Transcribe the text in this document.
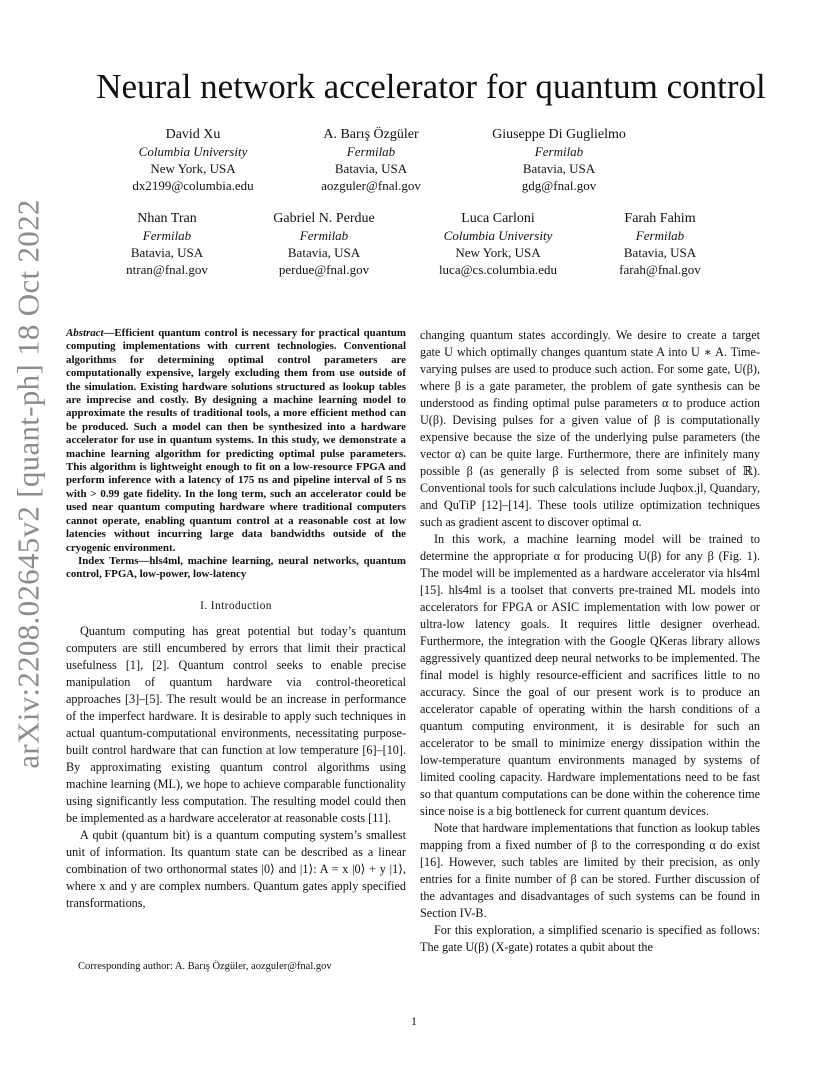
arXiv:2208.02645v2 [quant-ph] 18 Oct 2022
Neural network accelerator for quantum control
David Xu
Columbia University
New York, USA
dx2199@columbia.edu
A. Barış Özgüler
Fermilab
Batavia, USA
aozguler@fnal.gov
Giuseppe Di Guglielmo
Fermilab
Batavia, USA
gdg@fnal.gov
Nhan Tran
Fermilab
Batavia, USA
ntran@fnal.gov
Gabriel N. Perdue
Fermilab
Batavia, USA
perdue@fnal.gov
Luca Carloni
Columbia University
New York, USA
luca@cs.columbia.edu
Farah Fahim
Fermilab
Batavia, USA
farah@fnal.gov

Abstract—Efficient quantum control is necessary for practical quantum computing implementations with current technologies. Conventional algorithms for determining optimal control parameters are computationally expensive, largely excluding them from use outside of the simulation. Existing hardware solutions structured as lookup tables are imprecise and costly. By designing a machine learning model to approximate the results of traditional tools, a more efficient method can be produced. Such a model can then be synthesized into a hardware accelerator for use in quantum systems. In this study, we demonstrate a machine learning algorithm for predicting optimal pulse parameters. This algorithm is lightweight enough to fit on a low-resource FPGA and perform inference with a latency of 175 ns and pipeline interval of 5 ns with > 0.99 gate fidelity. In the long term, such an accelerator could be used near quantum computing hardware where traditional computers cannot operate, enabling quantum control at a reasonable cost at low latencies without incurring large data bandwidths outside of the cryogenic environment.

Index Terms—hls4ml, machine learning, neural networks, quantum control, FPGA, low-power, low-latency

I. Introduction

Quantum computing has great potential but today’s quantum computers are still encumbered by errors that limit their practical usefulness [1], [2]. Quantum control seeks to enable precise manipulation of quantum hardware via control-theoretical approaches [3]–[5]. The result would be an increase in performance of the imperfect hardware. It is desirable to apply such techniques in actual quantum-computational environments, necessitating purpose-built control hardware that can function at low temperature [6]–[10]. By approximating existing quantum control algorithms using machine learning (ML), we hope to achieve comparable functionality using significantly less computation. The resulting model could then be implemented as a hardware accelerator at reasonable costs [11].

A qubit (quantum bit) is a quantum computing system’s smallest unit of information. Its quantum state can be described as a linear combination of two orthonormal states |0⟩ and |1⟩: A = x |0⟩ + y |1⟩, where x and y are complex numbers. Quantum gates apply specified transformations,

changing quantum states accordingly. We desire to create a target gate U which optimally changes quantum state A into U ∗ A. Time-varying pulses are used to produce such action. For some gate, U(β), where β is a gate parameter, the problem of gate synthesis can be understood as finding optimal pulse parameters α to produce action U(β). Devising pulses for a given value of β is computationally expensive because the size of the underlying pulse parameters (the vector α) can be quite large. Furthermore, there are infinitely many possible β (as generally β is selected from some subset of ℝ). Conventional tools for such calculations include Juqbox.jl, Quandary, and QuTiP [12]–[14]. These tools utilize optimization techniques such as gradient ascent to discover optimal α.

In this work, a machine learning model will be trained to determine the appropriate α for producing U(β) for any β (Fig. 1). The model will be implemented as a hardware accelerator via hls4ml [15]. hls4ml is a toolset that converts pre-trained ML models into accelerators for FPGA or ASIC implementation with low power or ultra-low latency goals. It requires little designer overhead. Furthermore, the integration with the Google QKeras library allows aggressively quantized deep neural networks to be implemented. The final model is highly resource-efficient and sacrifices little to no accuracy. Since the goal of our present work is to produce an accelerator capable of operating within the harsh conditions of a quantum computing environment, it is desirable for such an accelerator to be small to minimize energy dissipation within the low-temperature quantum environments managed by systems of limited cooling capacity. Hardware implementations need to be fast so that quantum computations can be done within the coherence time since noise is a big bottleneck for current quantum devices.

Note that hardware implementations that function as lookup tables mapping from a fixed number of β to the corresponding α do exist [16]. However, such tables are limited by their precision, as only entries for a finite number of β can be stored. Further discussion of the advantages and disadvantages of such systems can be found in Section IV-B.

For this exploration, a simplified scenario is specified as follows: The gate U(β) (X-gate) rotates a qubit about the

Corresponding author: A. Barış Özgüler, aozguler@fnal.gov
1
